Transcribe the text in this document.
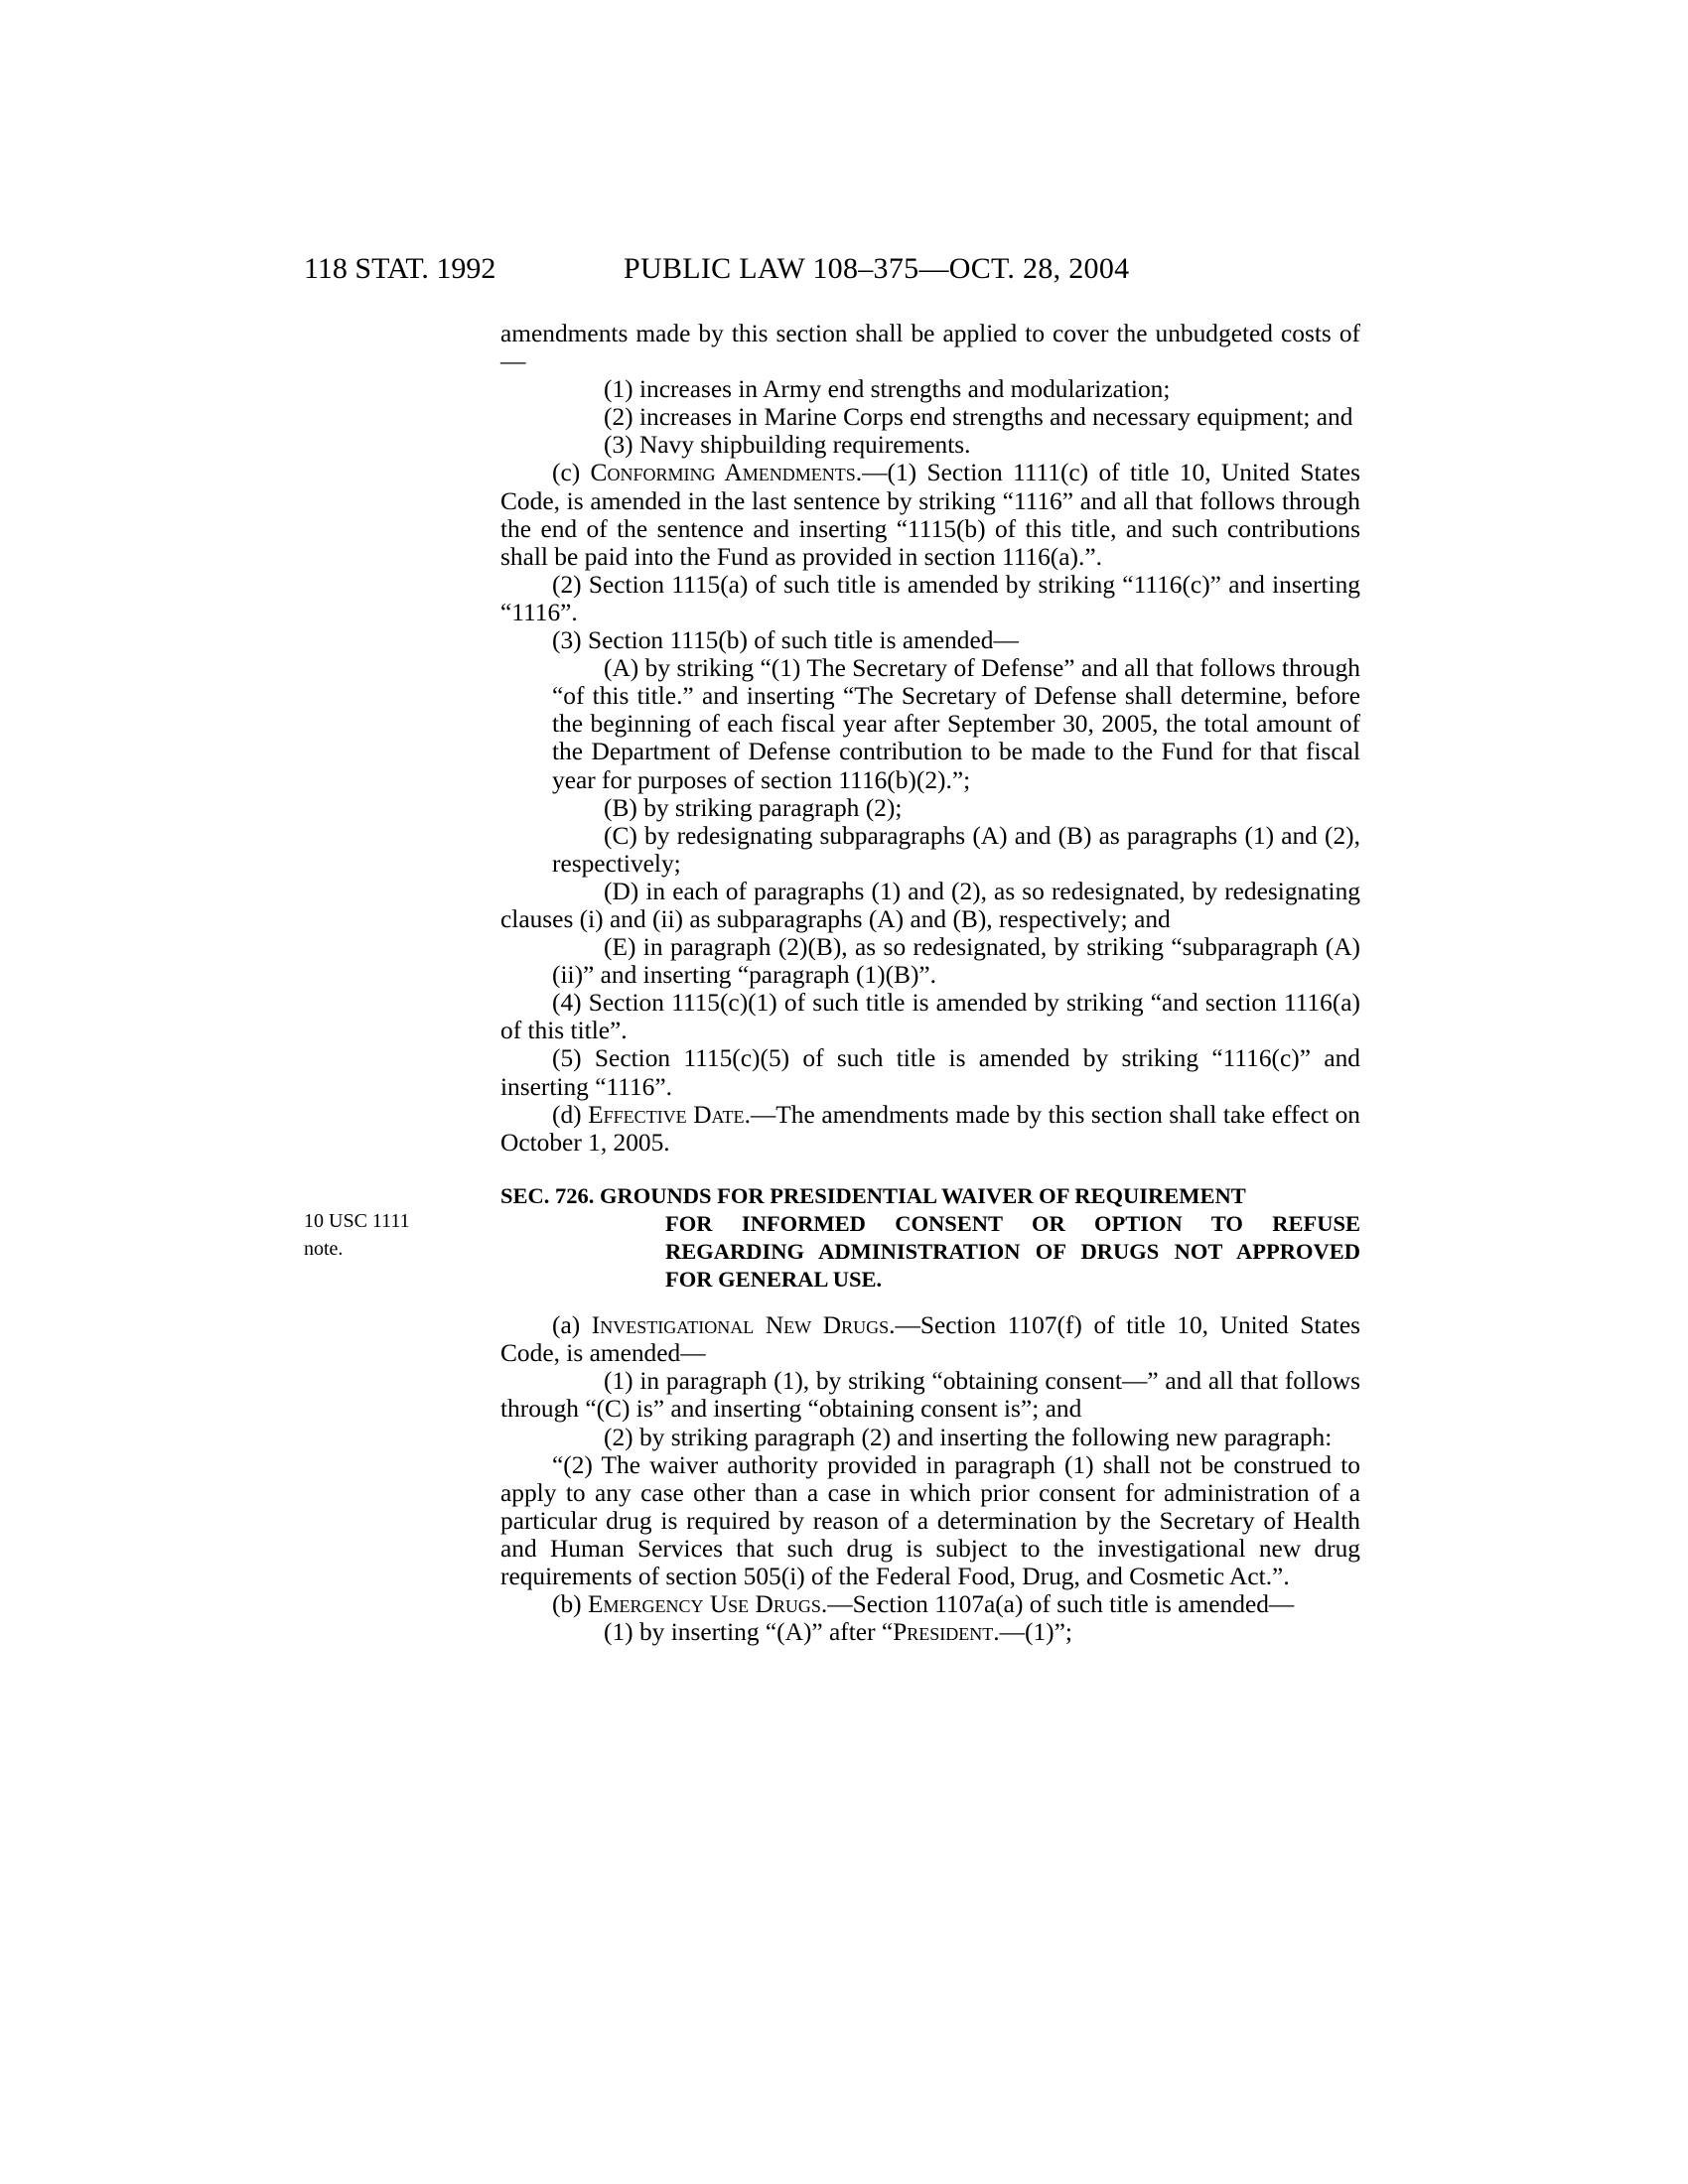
118 STAT. 1992	PUBLIC LAW 108–375—OCT. 28, 2004
10 USC 1111
note.

amendments made by this section shall be applied to cover the unbudgeted costs of—

(1) increases in Army end strengths and modularization;

(2) increases in Marine Corps end strengths and necessary equipment; and

(3) Navy shipbuilding requirements.

(c) Conforming Amendments.—(1) Section 1111(c) of title 10, United States Code, is amended in the last sentence by striking “1116” and all that follows through the end of the sentence and inserting “1115(b) of this title, and such contributions shall be paid into the Fund as provided in section 1116(a).”.

(2) Section 1115(a) of such title is amended by striking “1116(c)” and inserting “1116”.

(3) Section 1115(b) of such title is amended—

(A) by striking “(1) The Secretary of Defense” and all that follows through “of this title.” and inserting “The Secretary of Defense shall determine, before the beginning of each fiscal year after September 30, 2005, the total amount of the Department of Defense contribution to be made to the Fund for that fiscal year for purposes of section 1116(b)(2).”;

(B) by striking paragraph (2);

(C) by redesignating subparagraphs (A) and (B) as paragraphs (1) and (2), respectively;

(D) in each of paragraphs (1) and (2), as so redesignated, by redesignating clauses (i) and (ii) as subparagraphs (A) and (B), respectively; and

(E) in paragraph (2)(B), as so redesignated, by striking “subparagraph (A)(ii)” and inserting “paragraph (1)(B)”.

(4) Section 1115(c)(1) of such title is amended by striking “and section 1116(a) of this title”.

(5) Section 1115(c)(5) of such title is amended by striking “1116(c)” and inserting “1116”.

(d) Effective Date.—The amendments made by this section shall take effect on October 1, 2005.

SEC. 726. GROUNDS FOR PRESIDENTIAL WAIVER OF REQUIREMENT
FOR INFORMED CONSENT OR OPTION TO REFUSE REGARDING ADMINISTRATION OF DRUGS NOT APPROVED FOR GENERAL USE.

(a) Investigational New Drugs.—Section 1107(f) of title 10, United States Code, is amended—

(1) in paragraph (1), by striking “obtaining consent—” and all that follows through “(C) is” and inserting “obtaining consent is”; and

(2) by striking paragraph (2) and inserting the following new paragraph:

“(2) The waiver authority provided in paragraph (1) shall not be construed to apply to any case other than a case in which prior consent for administration of a particular drug is required by reason of a determination by the Secretary of Health and Human Services that such drug is subject to the investigational new drug requirements of section 505(i) of the Federal Food, Drug, and Cosmetic Act.”.

(b) Emergency Use Drugs.—Section 1107a(a) of such title is amended—

(1) by inserting “(A)” after “President.—(1)”;
